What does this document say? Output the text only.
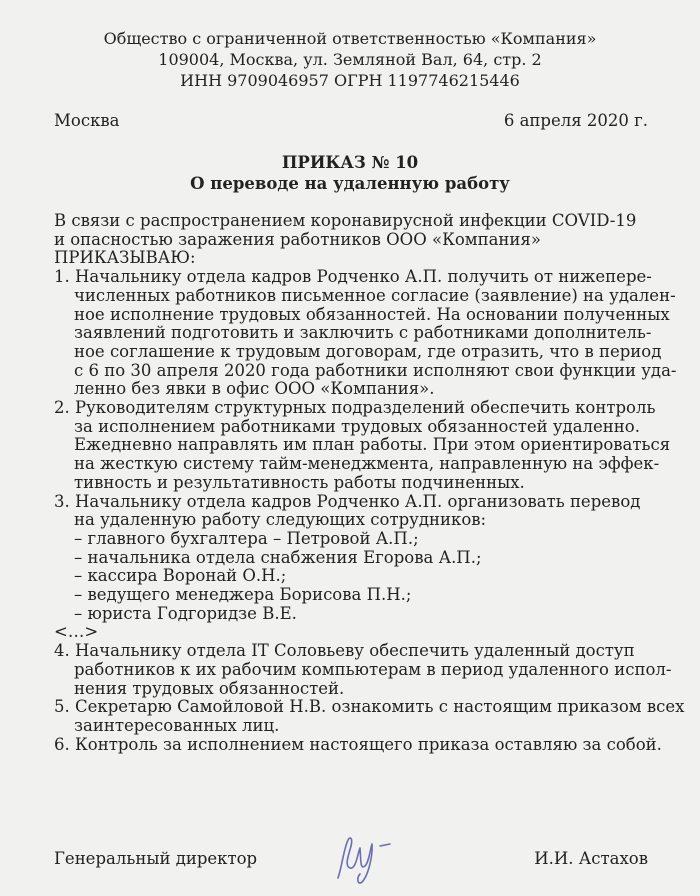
Общество с ограниченной ответственностью «Компания»
109004, Москва, ул. Земляной Вал, 64, стр. 2
ИНН 9709046957 ОГРН 1197746215446
Москва	6 апреля 2020 г.
ПРИКАЗ № 10
О переводе на удаленную работу
В связи с распространением коронавирусной инфекции COVID-19
и опасностью заражения работников ООО «Компания»
ПРИКАЗЫВАЮ:
1. Начальнику отдела кадров Родченко А.П. получить от нижепере-
численных работников письменное согласие (заявление) на удален-
ное исполнение трудовых обязанностей. На основании полученных
заявлений подготовить и заключить с работниками дополнитель-
ное соглашение к трудовым договорам, где отразить, что в период
с 6 по 30 апреля 2020 года работники исполняют свои функции уда-
ленно без явки в офис ООО «Компания».
2. Руководителям структурных подразделений обеспечить контроль
за исполнением работниками трудовых обязанностей удаленно.
Ежедневно направлять им план работы. При этом ориентироваться
на жесткую систему тайм-менеджмента, направленную на эффек-
тивность и результативность работы подчиненных.
3. Начальнику отдела кадров Родченко А.П. организовать перевод
на удаленную работу следующих сотрудников:
– главного бухгалтера – Петровой А.П.;
– начальника отдела снабжения Егорова А.П.;
– кассира Воронай О.Н.;
– ведущего менеджера Борисова П.Н.;
– юриста Годгоридзе В.Е.
<…>
4. Начальнику отдела IT Соловьеву обеспечить удаленный доступ
работников к их рабочим компьютерам в период удаленного испол-
нения трудовых обязанностей.
5. Секретарю Самойловой Н.В. ознакомить с настоящим приказом всех
заинтересованных лиц.
6. Контроль за исполнением настоящего приказа оставляю за собой.
Генеральный директор	И.И. Астахов
